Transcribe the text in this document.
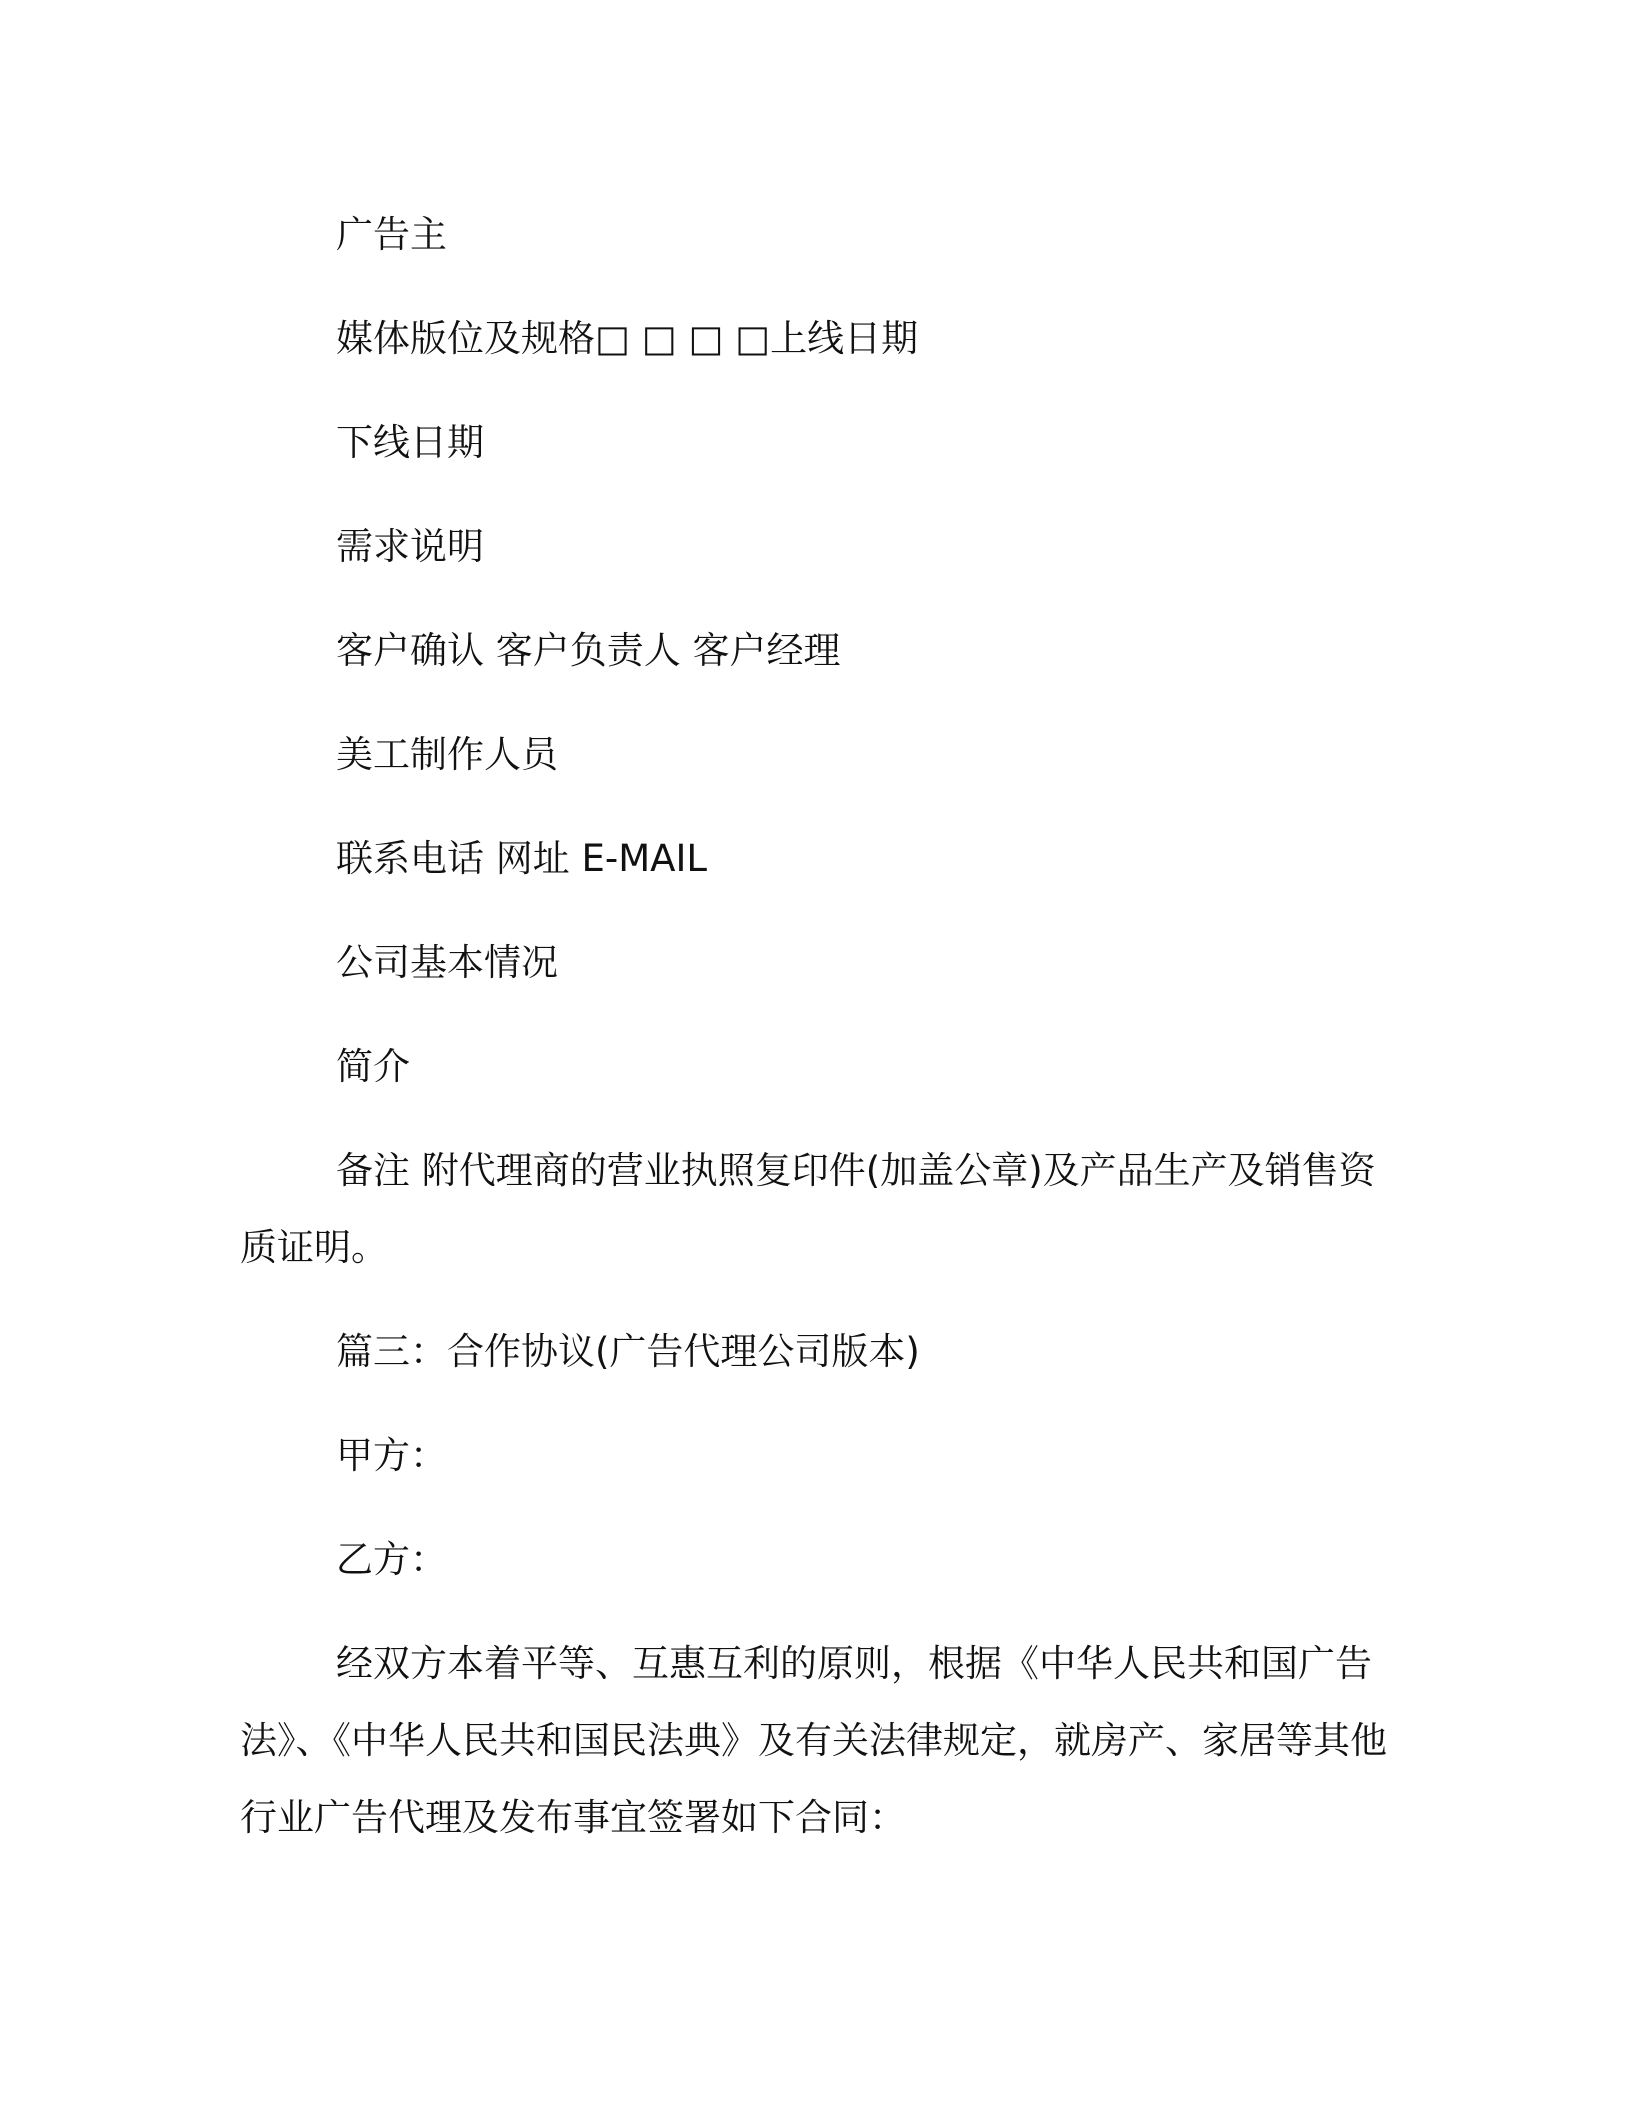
广告主

媒体版位及规格□ □ □ □上线日期

下线日期

需求说明

客户确认 客户负责人 客户经理

美工制作人员

联系电话 网址 E-MAIL

公司基本情况

简介

备注 附代理商的营业执照复印件(加盖公章)及产品生产及销售资质证明。

篇三：合作协议(广告代理公司版本)

甲方：

乙方：

经双方本着平等、互惠互利的原则，根据《中华人民共和国广告法》、《中华人民共和国民法典》及有关法律规定，就房产、家居等其他行业广告代理及发布事宜签署如下合同：
